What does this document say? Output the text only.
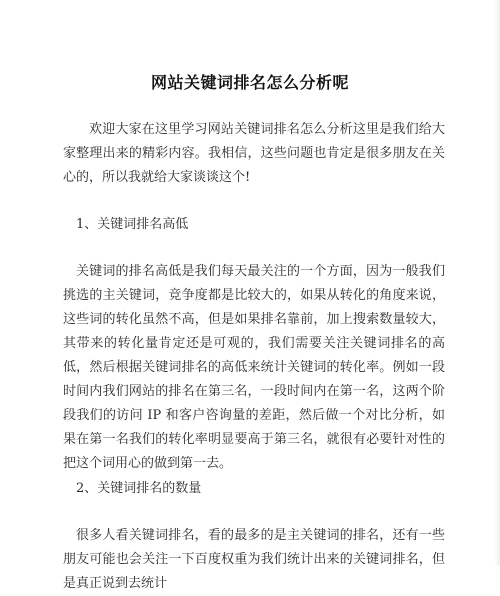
网站关键词排名怎么分析呢

欢迎大家在这里学习网站关键词排名怎么分析这里是我们给大家整理出来的精彩内容。我相信，这些问题也肯定是很多朋友在关心的，所以我就给大家谈谈这个!

1、关键词排名高低

关键词的排名高低是我们每天最关注的一个方面，因为一般我们挑选的主关键词，竞争度都是比较大的，如果从转化的角度来说，这些词的转化虽然不高，但是如果排名靠前，加上搜索数量较大，其带来的转化量肯定还是可观的，我们需要关注关键词排名的高低，然后根据关键词排名的高低来统计关键词的转化率。例如一段时间内我们网站的排名在第三名，一段时间内在第一名，这两个阶段我们的访问 IP 和客户咨询量的差距，然后做一个对比分析，如果在第一名我们的转化率明显要高于第三名，就很有必要针对性的把这个词用心的做到第一去。

2、关键词排名的数量

很多人看关键词排名，看的最多的是主关键词的排名，还有一些朋友可能也会关注一下百度权重为我们统计出来的关键词排名，但是真正说到去统计
